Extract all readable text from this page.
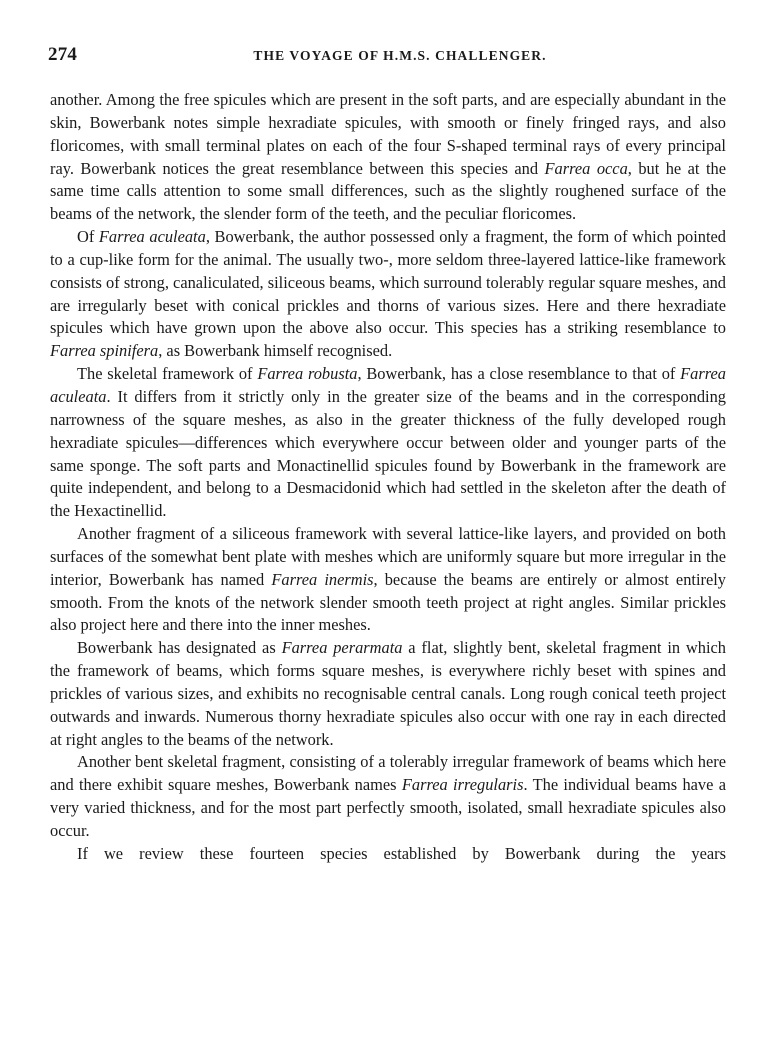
274	THE VOYAGE OF H.M.S. CHALLENGER.

another. Among the free spicules which are present in the soft parts, and are especially abundant in the skin, Bowerbank notes simple hexradiate spicules, with smooth or finely fringed rays, and also floricomes, with small terminal plates on each of the four S-shaped terminal rays of every principal ray. Bowerbank notices the great resemblance between this species and Farrea occa, but he at the same time calls attention to some small differences, such as the slightly roughened surface of the beams of the network, the slender form of the teeth, and the peculiar floricomes.

Of Farrea aculeata, Bowerbank, the author possessed only a fragment, the form of which pointed to a cup-like form for the animal. The usually two-, more seldom three-layered lattice-like framework consists of strong, canaliculated, siliceous beams, which surround tolerably regular square meshes, and are irregularly beset with conical prickles and thorns of various sizes. Here and there hexradiate spicules which have grown upon the above also occur. This species has a striking resemblance to Farrea spinifera, as Bowerbank himself recognised.

The skeletal framework of Farrea robusta, Bowerbank, has a close resemblance to that of Farrea aculeata. It differs from it strictly only in the greater size of the beams and in the corresponding narrowness of the square meshes, as also in the greater thickness of the fully developed rough hexradiate spicules—differences which everywhere occur between older and younger parts of the same sponge. The soft parts and Monactinellid spicules found by Bowerbank in the framework are quite independent, and belong to a Desmacidonid which had settled in the skeleton after the death of the Hexactinellid.

Another fragment of a siliceous framework with several lattice-like layers, and provided on both surfaces of the somewhat bent plate with meshes which are uniformly square but more irregular in the interior, Bowerbank has named Farrea inermis, because the beams are entirely or almost entirely smooth. From the knots of the network slender smooth teeth project at right angles. Similar prickles also project here and there into the inner meshes.

Bowerbank has designated as Farrea perarmata a flat, slightly bent, skeletal fragment in which the framework of beams, which forms square meshes, is everywhere richly beset with spines and prickles of various sizes, and exhibits no recognisable central canals. Long rough conical teeth project outwards and inwards. Numerous thorny hexradiate spicules also occur with one ray in each directed at right angles to the beams of the network.

Another bent skeletal fragment, consisting of a tolerably irregular framework of beams which here and there exhibit square meshes, Bowerbank names Farrea irregularis. The individual beams have a very varied thickness, and for the most part perfectly smooth, isolated, small hexradiate spicules also occur.

If we review these fourteen species established by Bowerbank during the years
